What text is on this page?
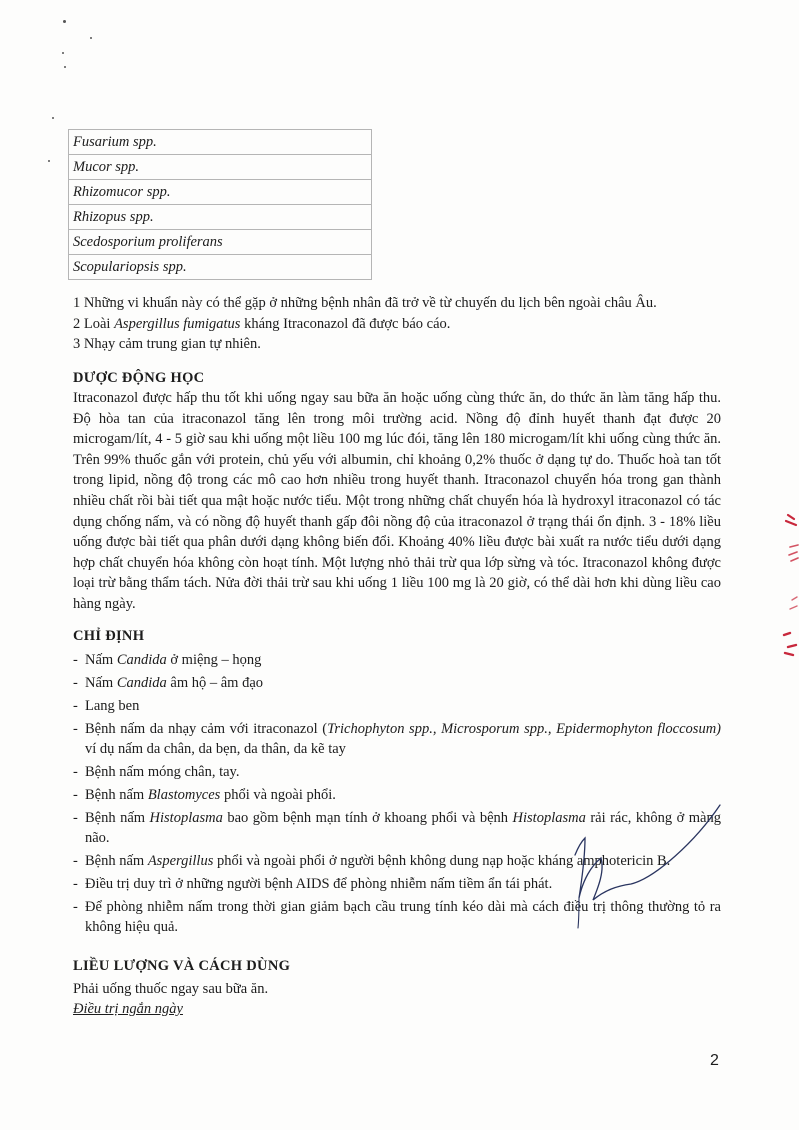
Fusarium spp.
Mucor spp.
Rhizomucor spp.
Rhizopus spp.
Scedosporium proliferans
Scopulariopsis spp.
1 Những vi khuẩn này có thể gặp ở những bệnh nhân đã trở về từ chuyến du lịch bên ngoài châu Âu.
2 Loài Aspergillus fumigatus kháng Itraconazol đã được báo cáo.
3 Nhạy cảm trung gian tự nhiên.
DƯỢC ĐỘNG HỌC
Itraconazol được hấp thu tốt khi uống ngay sau bữa ăn hoặc uống cùng thức ăn, do thức ăn làm tăng hấp thu. Độ hòa tan của itraconazol tăng lên trong môi trường acid. Nồng độ đỉnh huyết thanh đạt được 20 microgam/lít, 4 - 5 giờ sau khi uống một liều 100 mg lúc đói, tăng lên 180 microgam/lít khi uống cùng thức ăn. Trên 99% thuốc gắn với protein, chủ yếu với albumin, chỉ khoảng 0,2% thuốc ở dạng tự do. Thuốc hoà tan tốt trong lipid, nồng độ trong các mô cao hơn nhiều trong huyết thanh. Itraconazol chuyển hóa trong gan thành nhiều chất rồi bài tiết qua mật hoặc nước tiểu. Một trong những chất chuyển hóa là hydroxyl itraconazol có tác dụng chống nấm, và có nồng độ huyết thanh gấp đôi nồng độ của itraconazol ở trạng thái ổn định. 3 - 18% liều uống được bài tiết qua phân dưới dạng không biến đổi. Khoảng 40% liều được bài xuất ra nước tiểu dưới dạng hợp chất chuyển hóa không còn hoạt tính. Một lượng nhỏ thải trừ qua lớp sừng và tóc. Itraconazol không được loại trừ bằng thẩm tách. Nửa đời thải trừ sau khi uống 1 liều 100 mg là 20 giờ, có thể dài hơn khi dùng liều cao hàng ngày.
CHỈ ĐỊNH
- Nấm Candida ở miệng – họng
- Nấm Candida âm hộ – âm đạo
- Lang ben
- Bệnh nấm da nhạy cảm với itraconazol (Trichophyton spp., Microsporum spp., Epidermophyton floccosum) ví dụ nấm da chân, da bẹn, da thân, da kẽ tay
- Bệnh nấm móng chân, tay.
- Bệnh nấm Blastomyces phổi và ngoài phổi.
- Bệnh nấm Histoplasma bao gồm bệnh mạn tính ở khoang phổi và bệnh Histoplasma rải rác, không ở màng não.
- Bệnh nấm Aspergillus phổi và ngoài phổi ở người bệnh không dung nạp hoặc kháng amphotericin B.
- Điều trị duy trì ở những người bệnh AIDS để phòng nhiễm nấm tiềm ẩn tái phát.
- Để phòng nhiễm nấm trong thời gian giảm bạch cầu trung tính kéo dài mà cách điều trị thông thường tỏ ra không hiệu quả.
LIỀU LƯỢNG VÀ CÁCH DÙNG
Phải uống thuốc ngay sau bữa ăn.
Điều trị ngắn ngày
2
